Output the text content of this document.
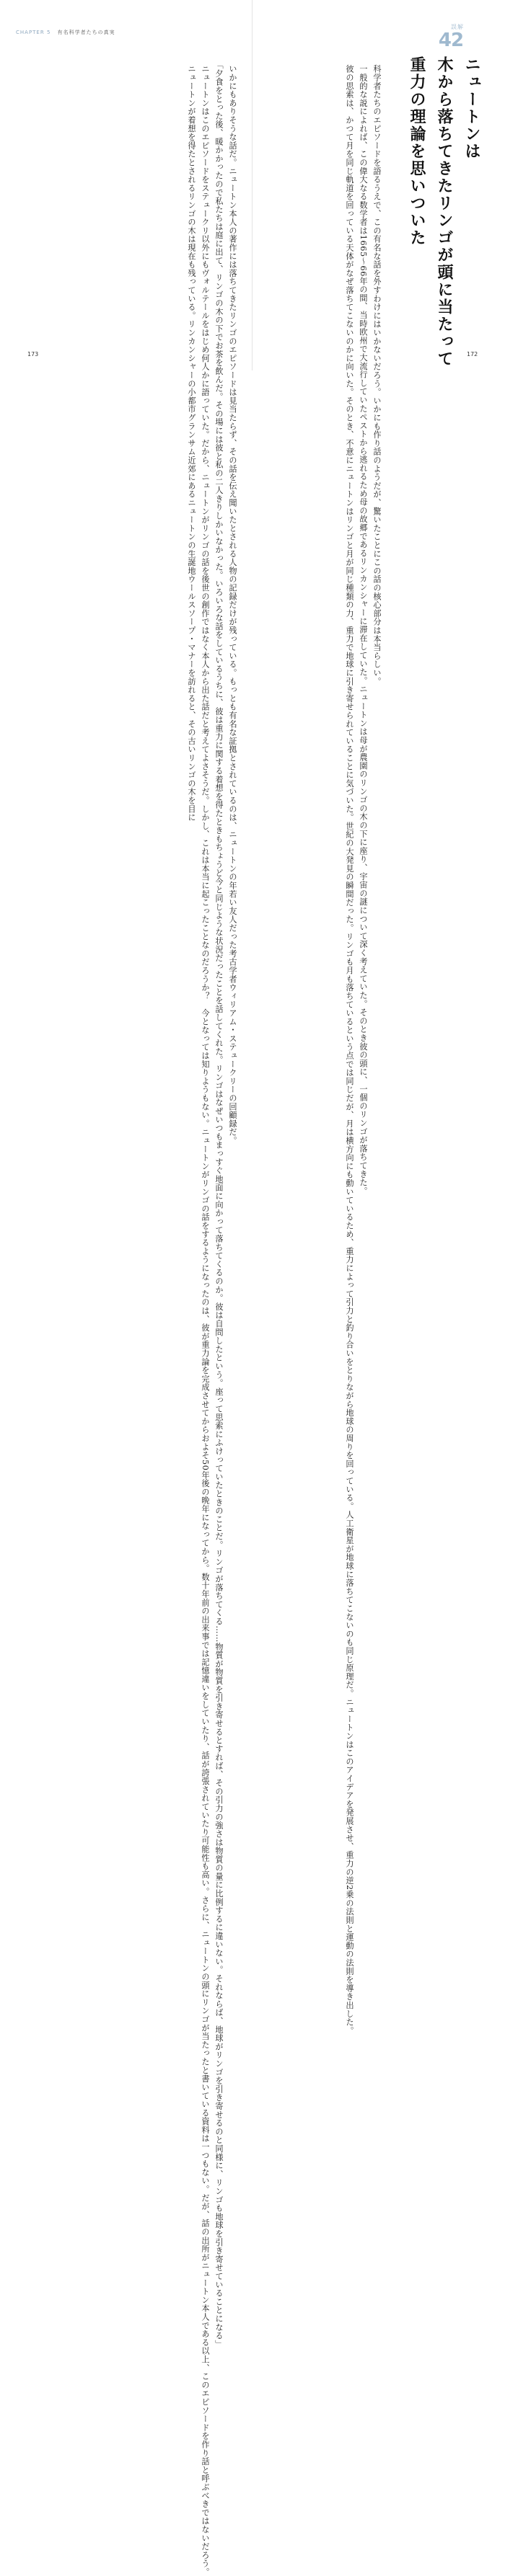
CHAPTER 5 有名科学者たちの真実
　いかにもありそうな話だ。ニュートン本人の著作には落ちてきたリンゴのエピソードは見当たらず、その話を伝え聞いたとされる人物の記録だけが残っている。もっとも有名な証拠とされているのは、ニュートンの年若い友人だった考古学者ウィリアム・ステュークリーの回顧録だ。
　「夕食をとった後、暖かかったので私たちは庭に出て、リンゴの木の下でお茶を飲んだ。その場には彼と私の二人きりしかいなかった。いろいろな話をしているうちに、彼は重力に関する着想を得たときもちょうど今と同じような状況だったことを話してくれた。リンゴはなぜいつもまっすぐ地面に向かって落ちてくるのか。彼は自問したという。座って思索にふけっていたときのことだ。リンゴが落ちてくる……物質が物質を引き寄せるとすれば、その引力の強さは物質の量に比例するに違いない。それならば、地球がリンゴを引き寄せるのと同様に、リンゴも地球を引き寄せていることになる」
　ニュートンはこのエピソードをステュークリ以外にもヴォルテールをはじめ何人かに語っていた。だから、ニュートンがリンゴの話を後世の創作ではなく本人から出た話だと考えてよさそうだ。しかし、これは本当に起こったことなのだろうか？　今となっては知りようもない。ニュートンがリンゴの話をするようになったのは、彼が重力論を完成させてからおよそ50年後の晩年になってから。数十年前の出来事では記憶違いをしていたり、話が誇張されていたり可能性も高い。さらに、ニュートンの頭にリンゴが当たったと書いている資料は一つもない。だが、話の出所がニュートン本人である以上、このエピソードを作り話と呼ぶべきではないだろう。
　ニュートンが着想を得たとされるリンゴの木は現在も残っている。リンカンシャーの小都市グランサム近郊にあるニュートンの生誕地ウールスソープ・マナーを訪れると、その古いリンゴの木を目に
173
誤解
42
ニュートンは
木から落ちてきたリンゴが頭に当たって
重力の理論を思いついた
　科学者たちのエピソードを語るうえで、この有名な話を外すわけにはいかないだろう。いかにも作り話のようだが、驚いたことにこの話の核心部分は本当らしい。
　一般的な説によれば、この偉大なる数学者は1665〜66年の間、当時欧州で大流行していたペストから逃れるため母の故郷であるリンカンシャーに滞在していた。ニュートンは母が農園のリンゴの木の下に座り、宇宙の謎について深く考えていた。そのとき彼の頭に、一個のリンゴが落ちてきた。
　彼の思索は、かつて月を同じ軌道を回っている天体がなぜ落ちてこないのかに向いた。そのとき、不意にニュートンはリンゴと月が同じ種類の力、重力で地球に引き寄せられていることに気づいた。世紀の大発見の瞬間だった。リンゴも月も落ちているという点では同じだが、月は横方向にも動いているため、重力によって引力と釣り合いをとりながら地球の周りを回っている。人工衛星が地球に落ちてこないのも同じ原理だ。ニュートンはこのアイデアを発展させ、重力の逆2乗の法則と運動の法則を導き出した。	172
